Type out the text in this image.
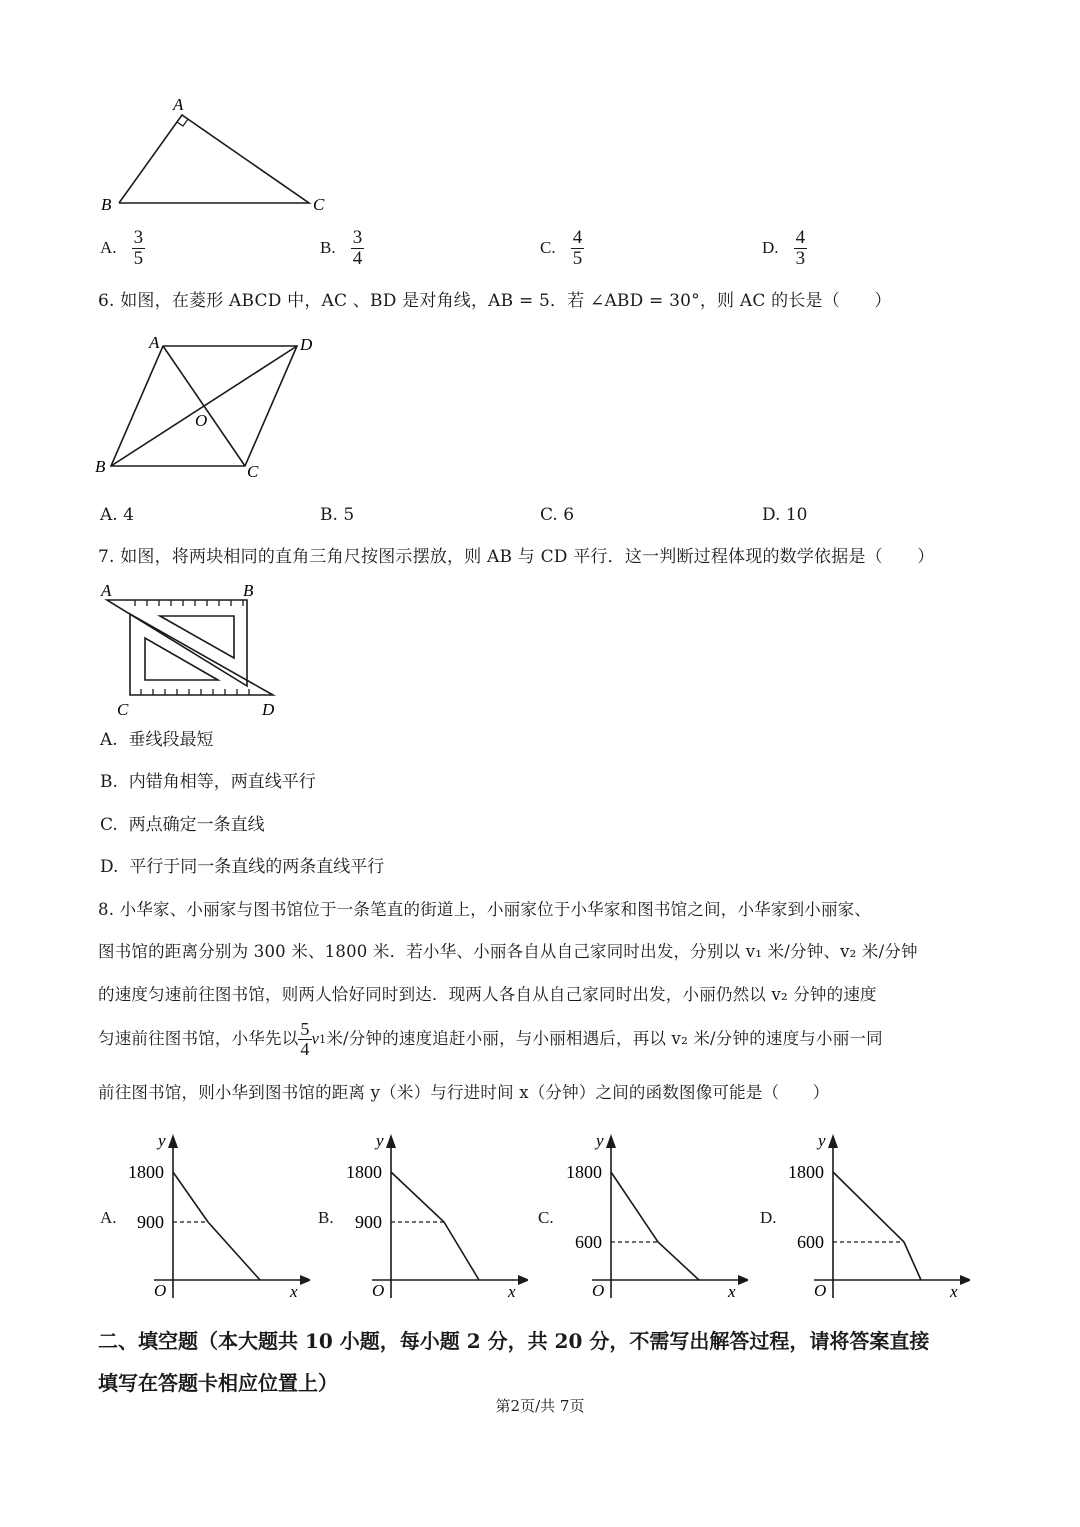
A
B	C
A. $\frac{3}{5}$	B. $\frac{3}{4}$	C. $\frac{4}{5}$	D. $\frac{4}{3}$
6. 如图，在菱形 ABCD 中，AC 、BD 是对角线，AB = 5．若 ∠ABD = 30°，则 AC 的长是（　　）
A	D
B	C
O
A. 4	B. 5	C. 6	D. 10
7. 如图，将两块相同的直角三角尺按图示摆放，则 AB 与 CD 平行．这一判断过程体现的数学依据是（　　）
A	B
C	D
A. 垂线段最短
B. 内错角相等，两直线平行
C. 两点确定一条直线
D. 平行于同一条直线的两条直线平行
8. 小华家、小丽家与图书馆位于一条笔直的街道上，小丽家位于小华家和图书馆之间，小华家到小丽家、
图书馆的距离分别为 300 米、1800 米．若小华、小丽各自从自己家同时出发，分别以 v₁ 米/分钟、v₂ 米/分钟
的速度匀速前往图书馆，则两人恰好同时到达．现两人各自从自己家同时出发，小丽仍然以 v₂ 分钟的速度
匀速前往图书馆，小华先以 $\frac{5}{4}$ v 1 米/分钟的速度追赶小丽，与小丽相遇后，再以 v₂ 米/分钟的速度与小丽一同
前往图书馆，则小华到图书馆的距离 y（米）与行进时间 x（分钟）之间的函数图像可能是（　　）
A.
y
1800
900
O	x
B.
y
1800
900
O	x
C.
y
1800
600
O	x
D.
y
1800
600
O	x
二、填空题（本大题共 10 小题，每小题 2 分，共 20 分，不需写出解答过程，请将答案直接
填写在答题卡相应位置上）
第2页/共 7页
